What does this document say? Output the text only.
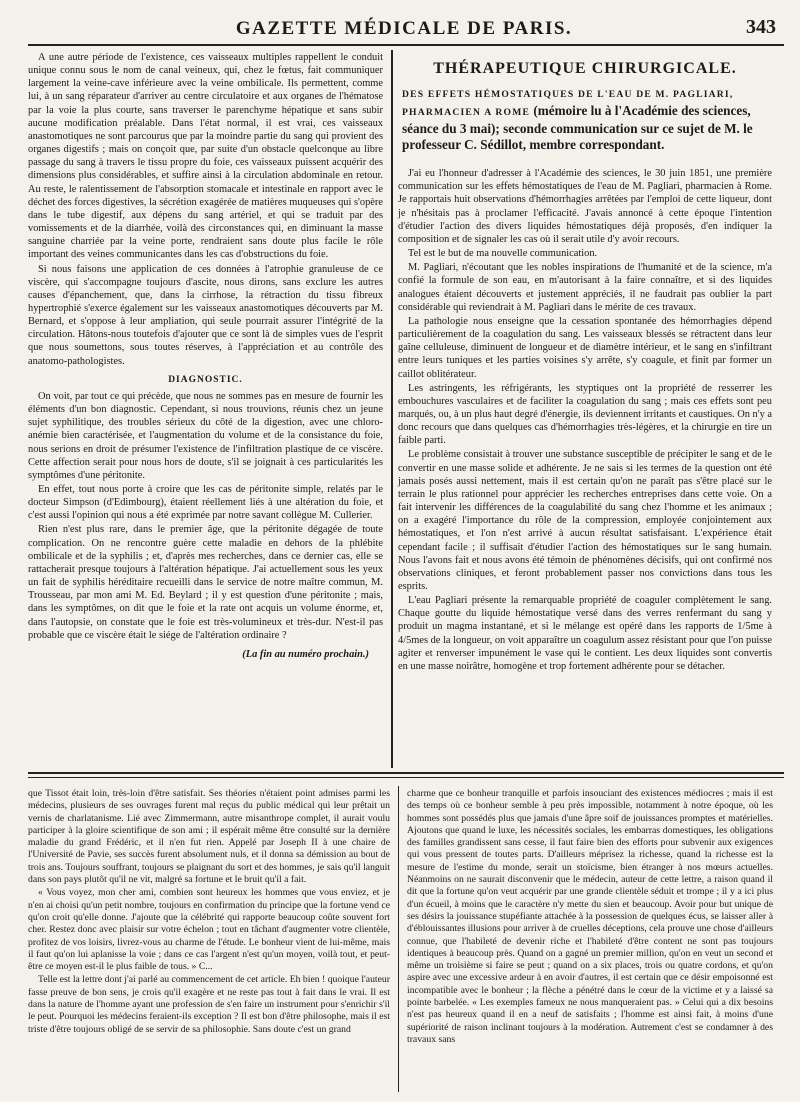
GAZETTE MÉDICALE DE PARIS.	343

A une autre période de l'existence, ces vaisseaux multiples rappellent le conduit unique connu sous le nom de canal veineux, qui, chez le fœtus, fait communiquer largement la veine-cave inférieure avec la veine ombilicale. Ils permettent, comme lui, à un sang réparateur d'arriver au centre circulatoire et aux organes de l'hématose par la voie la plus courte, sans traverser le parenchyme hépatique et sans subir aucune modification préalable. Dans l'état normal, il est vrai, ces vaisseaux anastomotiques ne sont parcourus que par la moindre partie du sang qui provient des organes digestifs ; mais on conçoit que, par suite d'un obstacle quelconque au libre passage du sang à travers le tissu propre du foie, ces vaisseaux puissent acquérir des dimensions plus considérables, et suffire ainsi à la circulation abdominale en retour. Au reste, le ralentissement de l'absorption stomacale et intestinale en rapport avec le déchet des forces digestives, la sécrétion exagérée de matières muqueuses qui s'opère dans le tube digestif, aux dépens du sang artériel, et qui se traduit par des vomissements et de la diarrhée, voilà des circonstances qui, en diminuant la masse sanguine charriée par la veine porte, rendraient sans doute plus facile le rôle important des veines communicantes dans les cas d'obstructions du foie.

Si nous faisons une application de ces données à l'atrophie granuleuse de ce viscère, qui s'accompagne toujours d'ascite, nous dirons, sans exclure les autres causes d'épanchement, que, dans la cirrhose, la rétraction du tissu fibreux hypertrophié s'exerce également sur les vaisseaux anastomotiques découverts par M. Bernard, et s'oppose à leur ampliation, qui seule pourrait assurer l'intégrité de la circulation. Hâtons-nous toutefois d'ajouter que ce sont là de simples vues de l'esprit que nous soumettons, sous toutes réserves, à l'appréciation et au contrôle des anatomo-pathologistes.

DIAGNOSTIC.

On voit, par tout ce qui précède, que nous ne sommes pas en mesure de fournir les éléments d'un bon diagnostic. Cependant, si nous trouvions, réunis chez un jeune sujet syphilitique, des troubles sérieux du côté de la digestion, avec une chloro-anémie bien caractérisée, et l'augmentation du volume et de la consistance du foie, nous serions en droit de présumer l'existence de l'infiltration plastique de ce viscère. Cette affection serait pour nous hors de doute, s'il se joignait à ces particularités les symptômes d'une péritonite.

En effet, tout nous porte à croire que les cas de péritonite simple, relatés par le docteur Simpson (d'Edimbourg), étaient réellement liés à une altération du foie, et c'est aussi l'opinion qui nous a été exprimée par notre savant collègue M. Cullerier.

Rien n'est plus rare, dans le premier âge, que la péritonite dégagée de toute complication. On ne rencontre guère cette maladie en dehors de la phlébite ombilicale et de la syphilis ; et, d'après mes recherches, dans ce dernier cas, elle se rattacherait presque toujours à l'altération hépatique. J'ai actuellement sous les yeux un fait de syphilis héréditaire recueilli dans le service de notre maître commun, M. Trousseau, par mon ami M. Ed. Beylard ; il y est question d'une péritonite ; mais, dans les symptômes, on dit que le foie et la rate ont acquis un volume énorme, et, dans l'autopsie, on constate que le foie est très-volumineux et très-dur. N'est-il pas probable que ce viscère était le siége de l'altération ordinaire ?

(La fin au numéro prochain.)
THÉRAPEUTIQUE CHIRURGICALE.
DES EFFETS HÉMOSTATIQUES DE L'EAU DE M. PAGLIARI, PHARMACIEN A ROME (mémoire lu à l'Académie des sciences, séance du 3 mai); seconde communication sur ce sujet de M. le professeur C. Sédillot, membre correspondant.

J'ai eu l'honneur d'adresser à l'Académie des sciences, le 30 juin 1851, une première communication sur les effets hémostatiques de l'eau de M. Pagliari, pharmacien à Rome. Je rapportais huit observations d'hémorrhagies arrêtées par l'emploi de cette liqueur, dont je n'hésitais pas à proclamer l'efficacité. J'avais annoncé à cette époque l'intention d'étudier l'action des divers liquides hémostatiques déjà proposés, d'en indiquer la composition et de signaler les cas où il serait utile d'y avoir recours.

Tel est le but de ma nouvelle communication.

M. Pagliari, n'écoutant que les nobles inspirations de l'humanité et de la science, m'a confié la formule de son eau, en m'autorisant à la faire connaître, et si des liquides analogues étaient découverts et justement appréciés, il ne faudrait pas oublier la part considérable qui reviendrait à M. Pagliari dans le mérite de ces travaux.

La pathologie nous enseigne que la cessation spontanée des hémorrhagies dépend particulièrement de la coagulation du sang. Les vaisseaux blessés se rétractent dans leur gaîne celluleuse, diminuent de longueur et de diamètre intérieur, et le sang en s'infiltrant entre leurs tuniques et les parties voisines s'y arrête, s'y coagule, et finit par former un caillot oblitérateur.

Les astringents, les réfrigérants, les styptiques ont la propriété de resserrer les embouchures vasculaires et de faciliter la coagulation du sang ; mais ces effets sont peu marqués, ou, à un plus haut degré d'énergie, ils deviennent irritants et caustiques. On n'y a donc recours que dans quelques cas d'hémorrhagies très-légères, et la chirurgie en tire un faible parti.

Le problème consistait à trouver une substance susceptible de précipiter le sang et de le convertir en une masse solide et adhérente. Je ne sais si les termes de la question ont été jamais posés aussi nettement, mais il est certain qu'on ne paraît pas s'être placé sur le terrain le plus rationnel pour apprécier les recherches entreprises dans cette voie. On a fait intervenir les différences de la coagulabilité du sang chez l'homme et les animaux ; on a exagéré l'importance du rôle de la compression, employée conjointement aux hémostatiques, et l'on n'est arrivé à aucun résultat satisfaisant. L'expérience était cependant facile ; il suffisait d'étudier l'action des hémostatiques sur le sang humain. Nous l'avons fait et nous avons été témoin de phénomènes décisifs, qui ont confirmé nos observations cliniques, et feront probablement passer nos convictions dans tous les esprits.

L'eau Pagliari présente la remarquable propriété de coaguler complètement le sang. Chaque goutte du liquide hémostatique versé dans des verres renfermant du sang y produit un magma instantané, et si le mélange est opéré dans les rapports de 1/5me à 4/5mes de la longueur, on voit apparaître un coagulum assez résistant pour que l'on puisse agiter et renverser impunément le vase qui le contient. Les deux liquides sont convertis en une masse noirâtre, homogène et trop fortement adhérente pour se détacher.

que Tissot était loin, très-loin d'être satisfait. Ses théories n'étaient point admises parmi les médecins, plusieurs de ses ouvrages furent mal reçus du public médical qui leur prêtait un vernis de charlatanisme. Lié avec Zimmermann, autre misanthrope complet, il aurait voulu participer à la gloire scientifique de son ami ; il espérait même être consulté sur la dernière maladie du grand Frédéric, et il n'en fut rien. Appelé par Joseph II à une chaire de l'Université de Pavie, ses succès furent absolument nuls, et il donna sa démission au bout de trois ans. Toujours souffrant, toujours se plaignant du sort et des hommes, je sais qu'il languit dans son pays plutôt qu'il ne vit, malgré sa fortune et le bruit qu'il a fait.

« Vous voyez, mon cher ami, combien sont heureux les hommes que vous enviez, et je n'en ai choisi qu'un petit nombre, toujours en confirmation du principe que la fortune vend ce qu'on croit qu'elle donne. J'ajoute que la célébrité qui rapporte beaucoup coûte souvent fort cher. Restez donc avec plaisir sur votre échelon ; tout en tâchant d'augmenter votre clientèle, profitez de vos loisirs, livrez-vous au charme de l'étude. Le bonheur vient de lui-même, mais il faut qu'on lui aplanisse la voie ; dans ce cas l'argent n'est qu'un moyen, voilà tout, et peut-être ce moyen est-il le plus faible de tous. » C...

Telle est la lettre dont j'ai parlé au commencement de cet article. Eh bien ! quoique l'auteur fasse preuve de bon sens, je crois qu'il exagère et ne reste pas tout à fait dans le vrai. Il est dans la nature de l'homme ayant une profession de s'en faire un instrument pour s'enrichir s'il le peut. Pourquoi les médecins feraient-ils exception ? Il est bon d'être philosophe, mais il est triste d'être toujours obligé de se servir de sa philosophie. Sans doute c'est un grand

charme que ce bonheur tranquille et parfois insouciant des existences médiocres ; mais il est des temps où ce bonheur semble à peu près impossible, notamment à notre époque, où les hommes sont possédés plus que jamais d'une âpre soif de jouissances promptes et matérielles. Ajoutons que quand le luxe, les nécessités sociales, les embarras domestiques, les obligations des familles grandissent sans cesse, il faut faire bien des efforts pour subvenir aux exigences qui vous pressent de toutes parts. D'ailleurs méprisez la richesse, quand la richesse est la mesure de l'estime du monde, serait un stoïcisme, bien étranger à nos mœurs actuelles. Néanmoins on ne saurait disconvenir que le médecin, auteur de cette lettre, a raison quand il dit que la fortune qu'on veut acquérir par une grande clientèle séduit et trompe ; il y a ici plus d'un écueil, à moins que le caractère n'y mette du sien et beaucoup. Avoir pour but unique de ses désirs la jouissance stupéfiante attachée à la possession de quelques écus, se laisser aller à d'éblouissantes illusions pour arriver à de cruelles déceptions, cela prouve une chose d'ailleurs connue, que l'habileté de devenir riche et l'habileté d'être content ne sont pas toujours identiques à beaucoup près. Quand on a gagné un premier million, qu'on en veut un second et même un troisième si faire se peut ; quand on a six places, trois ou quatre cordons, et qu'on aspire avec une excessive ardeur à en avoir d'autres, il est certain que ce désir empoisonné est incompatible avec le bonheur ; la flèche a pénétré dans le cœur de la victime et y a laissé sa pointe barbelée. « Les exemples fameux ne nous manqueraient pas. » Celui qui a dix besoins n'est pas heureux quand il en a neuf de satisfaits ; l'homme est ainsi fait, à moins d'une supériorité de raison inclinant toujours à la modération. Autrement c'est se condamner à des travaux sans
